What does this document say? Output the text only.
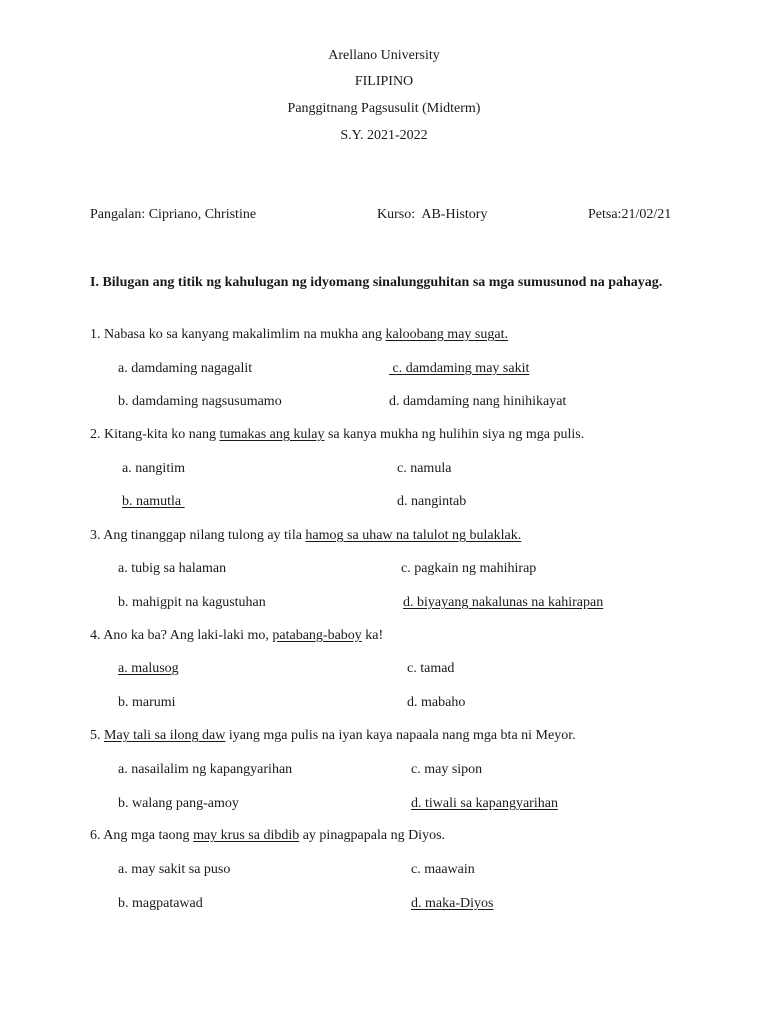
Arellano University
FILIPINO
Panggitnang Pagsusulit (Midterm)
S.Y. 2021-2022
Pangalan: Cipriano, Christine	Kurso: AB-History	Petsa:21/02/21
I. Bilugan ang titik ng kahulugan ng idyomang sinalungguhitan sa mga sumusunod na pahayag.
1. Nabasa ko sa kanyang makalimlim na mukha ang kaloobang may sugat.
a. damdaming nagagalit	c. damdaming may sakit
b. damdaming nagsusumamo	d. damdaming nang hinihikayat
2. Kitang-kita ko nang tumakas ang kulay sa kanya mukha ng hulihin siya ng mga pulis.
a. nangitim	c. namula
b. namutla	d. nangintab
3. Ang tinanggap nilang tulong ay tila hamog sa uhaw na talulot ng bulaklak.
a. tubig sa halaman	c. pagkain ng mahihirap
b. mahigpit na kagustuhan	d. biyayang nakalunas na kahirapan
4. Ano ka ba? Ang laki-laki mo, patabang-baboy ka!
a. malusog	c. tamad
b. marumi	d. mabaho
5. May tali sa ilong daw iyang mga pulis na iyan kaya napaala nang mga bta ni Meyor.
a. nasailalim ng kapangyarihan	c. may sipon
b. walang pang-amoy	d. tiwali sa kapangyarihan
6. Ang mga taong may krus sa dibdib ay pinagpapala ng Diyos.
a. may sakit sa puso	c. maawain
b. magpatawad	d. maka-Diyos
